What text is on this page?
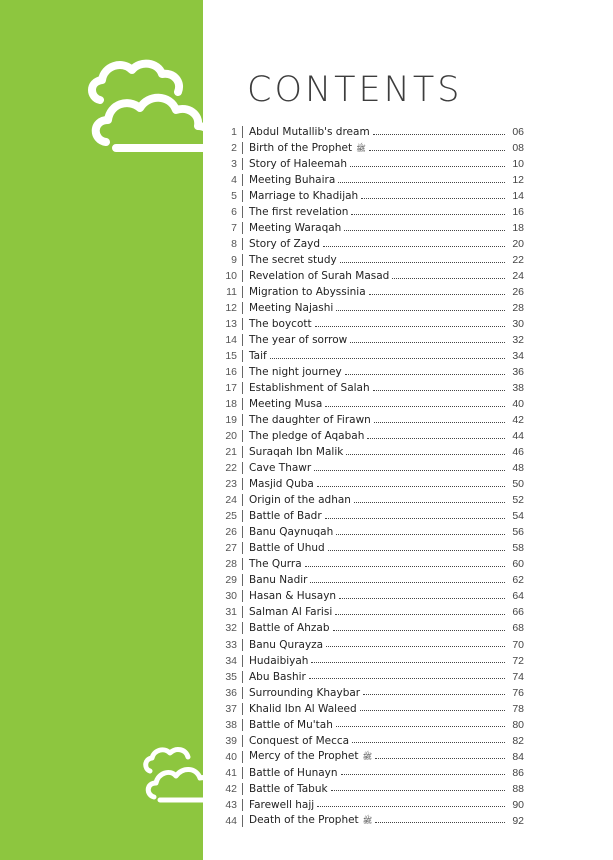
CONTENTS
1 Abdul Mutallib's dream	06
2 Birth of the Prophet ﷺ	08
3 Story of Haleemah	10
4 Meeting Buhaira	12
5 Marriage to Khadijah	14
6 The first revelation	16
7 Meeting Waraqah	18
8 Story of Zayd	20
9 The secret study	22
10 Revelation of Surah Masad	24
11 Migration to Abyssinia	26
12 Meeting Najashi	28
13 The boycott	30
14 The year of sorrow	32
15 Taif	34
16 The night journey	36
17 Establishment of Salah	38
18 Meeting Musa	40
19 The daughter of Firawn	42
20 The pledge of Aqabah	44
21 Suraqah Ibn Malik	46
22 Cave Thawr	48
23 Masjid Quba	50
24 Origin of the adhan	52
25 Battle of Badr	54
26 Banu Qaynuqah	56
27 Battle of Uhud	58
28 The Qurra	60
29 Banu Nadir	62
30 Hasan & Husayn	64
31 Salman Al Farisi	66
32 Battle of Ahzab	68
33 Banu Qurayza	70
34 Hudaibiyah	72
35 Abu Bashir	74
36 Surrounding Khaybar	76
37 Khalid Ibn Al Waleed	78
38 Battle of Mu'tah	80
39 Conquest of Mecca	82
40 Mercy of the Prophet ﷺ	84
41 Battle of Hunayn	86
42 Battle of Tabuk	88
43 Farewell hajj	90
44 Death of the Prophet ﷺ	92
